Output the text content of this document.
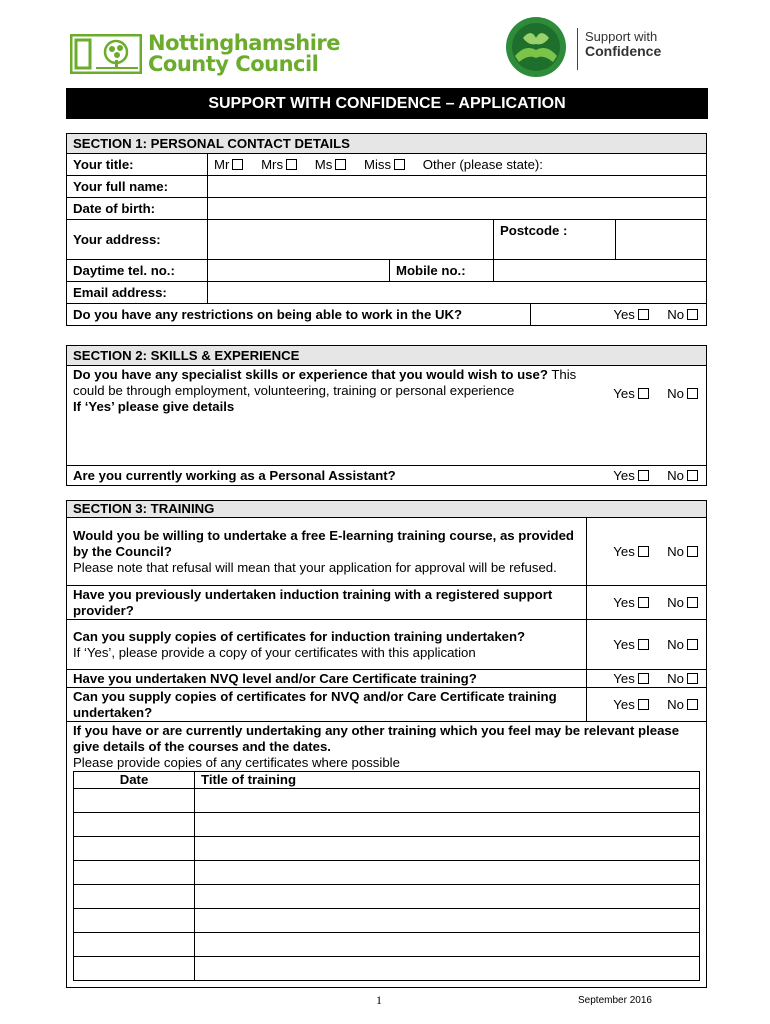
Nottinghamshire
County Council
Support with
Confidence
SUPPORT WITH CONFIDENCE – APPLICATION
SECTION 1: PERSONAL CONTACT DETAILS					
Your title:	Mr Mrs Ms Miss Other (please state):				
Your full name:					
Date of birth:					
Your address:			Postcode :		
Daytime tel. no.:		Mobile no.:			
Email address:					
Do you have any restrictions on being able to work in the UK?				Yes No	
SECTION 2: SKILLS & EXPERIENCE	
Do you have any specialist skills or experience that you would wish to use? This could be through employment, volunteering, training or personal experience
If ‘Yes’ please give details	Yes No
Are you currently working as a Personal Assistant?	Yes No
SECTION 3: TRAINING
Would you be willing to undertake a free E-learning training course, as provided by the Council?
Please note that refusal will mean that your application for approval will be refused.	Yes No
Have you previously undertaken induction training with a registered support provider?	Yes No
Can you supply copies of certificates for induction training undertaken?
If ‘Yes’, please provide a copy of your certificates with this application	Yes No
Have you undertaken NVQ level and/or Care Certificate training?	Yes No
Can you supply copies of certificates for NVQ and/or Care Certificate training undertaken?	Yes No
If you have or are currently undertaking any other training which you feel may be relevant please give details of the courses and the dates.
Please provide copies of any certificates where possible
Date	Title of training

1	September 2016
